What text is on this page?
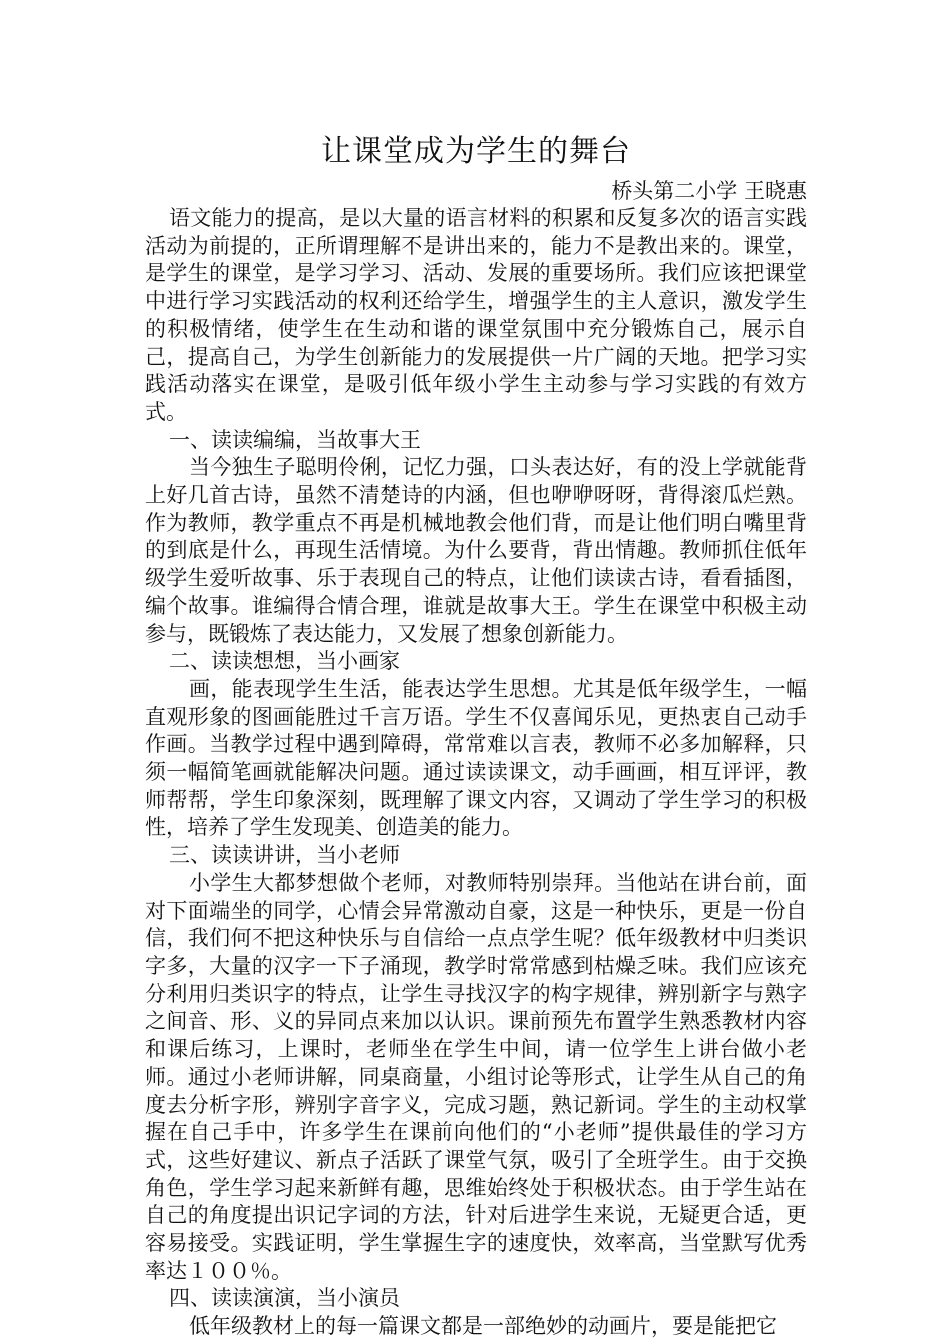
让课堂成为学生的舞台

桥头第二小学 王晓惠

语文能力的提高，是以大量的语言材料的积累和反复多次的语言实践活动为前提的，正所谓理解不是讲出来的，能力不是教出来的。课堂，是学生的课堂，是学习学习、活动、发展的重要场所。我们应该把课堂中进行学习实践活动的权利还给学生，增强学生的主人意识，激发学生的积极情绪，使学生在生动和谐的课堂氛围中充分锻炼自己，展示自己，提高自己，为学生创新能力的发展提供一片广阔的天地。把学习实践活动落实在课堂，是吸引低年级小学生主动参与学习实践的有效方式。

一、读读编编，当故事大王

当今独生子聪明伶俐，记忆力强，口头表达好，有的没上学就能背上好几首古诗，虽然不清楚诗的内涵，但也咿咿呀呀，背得滚瓜烂熟。作为教师，教学重点不再是机械地教会他们背，而是让他们明白嘴里背的到底是什么，再现生活情境。为什么要背，背出情趣。教师抓住低年级学生爱听故事、乐于表现自己的特点，让他们读读古诗，看看插图，编个故事。谁编得合情合理，谁就是故事大王。学生在课堂中积极主动参与，既锻炼了表达能力，又发展了想象创新能力。

二、读读想想，当小画家

画，能表现学生生活，能表达学生思想。尤其是低年级学生，一幅直观形象的图画能胜过千言万语。学生不仅喜闻乐见，更热衷自己动手作画。当教学过程中遇到障碍，常常难以言表，教师不必多加解释，只须一幅简笔画就能解决问题。通过读读课文，动手画画，相互评评，教师帮帮，学生印象深刻，既理解了课文内容，又调动了学生学习的积极性，培养了学生发现美、创造美的能力。

三、读读讲讲，当小老师

小学生大都梦想做个老师，对教师特别崇拜。当他站在讲台前，面对下面端坐的同学，心情会异常激动自豪，这是一种快乐，更是一份自信，我们何不把这种快乐与自信给一点点学生呢？低年级教材中归类识字多，大量的汉字一下子涌现，教学时常常感到枯燥乏味。我们应该充分利用归类识字的特点，让学生寻找汉字的构字规律，辨别新字与熟字之间音、形、义的异同点来加以认识。课前预先布置学生熟悉教材内容和课后练习，上课时，老师坐在学生中间，请一位学生上讲台做小老师。通过小老师讲解，同桌商量，小组讨论等形式，让学生从自己的角度去分析字形，辨别字音字义，完成习题，熟记新词。学生的主动权掌握在自己手中，许多学生在课前向他们的“小老师”提供最佳的学习方式，这些好建议、新点子活跃了课堂气氛，吸引了全班学生。由于交换角色，学生学习起来新鲜有趣，思维始终处于积极状态。由于学生站在自己的角度提出识记字词的方法，针对后进学生来说，无疑更合适，更容易接受。实践证明，学生掌握生字的速度快，效率高，当堂默写优秀率达１００％。

四、读读演演，当小演员

低年级教材上的每一篇课文都是一部绝妙的动画片，要是能把它
